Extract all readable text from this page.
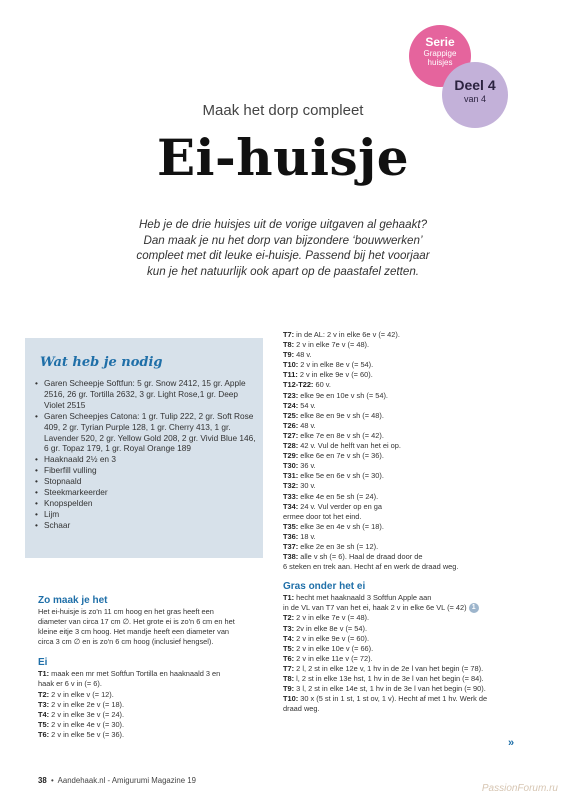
Serie
Grappige
huisjes
Deel 4
van 4
Maak het dorp compleet
Ei-huisje
Heb je de drie huisjes uit de vorige uitgaven al gehaakt?
Dan maak je nu het dorp van bijzondere ‘bouwwerken’
compleet met dit leuke ei-huisje. Passend bij het voorjaar
kun je het natuurlijk ook apart op de paastafel zetten.
Wat heb je nodig
• Garen Scheepje Softfun: 5 gr. Snow 2412, 15 gr. Apple 2516, 26 gr. Tortilla 2632, 3 gr. Light Rose,1 gr. Deep Violet 2515
• Garen Scheepjes Catona: 1 gr. Tulip 222, 2 gr. Soft Rose 409, 2 gr. Tyrian Purple 128, 1 gr. Cherry 413, 1 gr. Lavender 520, 2 gr. Yellow Gold 208, 2 gr. Vivid Blue 146, 6 gr. Topaz 179, 1 gr. Royal Orange 189
• Haaknaald 2½ en 3
• Fiberfill vulling
• Stopnaald
• Steekmarkeerder
• Knopspelden
• Lijm
• Schaar
Zo maak je het
Het ei-huisje is zo'n 11 cm hoog en het gras heeft een
diameter van circa 17 cm ∅. Het grote ei is zo'n 6 cm en het
kleine eitje 3 cm hoog. Het mandje heeft een diameter van
circa 3 cm ∅ en is zo'n 6 cm hoog (inclusief hengsel).
Ei
T1: maak een mr met Softfun Tortilla en haaknaald 3 en
haak er 6 v in (= 6).
T2: 2 v in elke v (= 12).
T3: 2 v in elke 2e v (= 18).
T4: 2 v in elke 3e v (= 24).
T5: 2 v in elke 4e v (= 30).
T6: 2 v in elke 5e v (= 36).
T7: in de AL: 2 v in elke 6e v (= 42).
T8: 2 v in elke 7e v (= 48).
T9: 48 v.
T10: 2 v in elke 8e v (= 54).
T11: 2 v in elke 9e v (= 60).
T12-T22: 60 v.
T23: elke 9e en 10e v sh (= 54).
T24: 54 v.
T25: elke 8e en 9e v sh (= 48).
T26: 48 v.
T27: elke 7e en 8e v sh (= 42).
T28: 42 v. Vul de helft van het ei op.
T29: elke 6e en 7e v sh (= 36).
T30: 36 v.
T31: elke 5e en 6e v sh (= 30).
T32: 30 v.
T33: elke 4e en 5e sh (= 24).
T34: 24 v. Vul verder op en ga
ermee door tot het eind.
T35: elke 3e en 4e v sh (= 18).
T36: 18 v.
T37: elke 2e en 3e sh (= 12).
T38: alle v sh (= 6). Haal de draad door de
6 steken en trek aan. Hecht af en werk de draad weg.
Gras onder het ei
T1: hecht met haaknaald 3 Softfun Apple aan
in de VL van T7 van het ei, haak 2 v in elke 6e VL (= 42) 1
T2: 2 v in elke 7e v (= 48).
T3: 2v in elke 8e v (= 54).
T4: 2 v in elke 9e v (= 60).
T5: 2 v in elke 10e v (= 66).
T6: 2 v in elke 11e v (= 72).
T7: 2 l, 2 st in elke 12e v, 1 hv in de 2e l van het begin (= 78).
T8: l, 2 st in elke 13e hst, 1 hv in de 3e l van het begin (= 84).
T9: 3 l, 2 st in elke 14e st, 1 hv in de 3e l van het begin (= 90).
T10: 30 x (5 st in 1 st, 1 st ov, 1 v). Hecht af met 1 hv. Werk de
draad weg.
»
38  •  Aandehaak.nl - Amigurumi Magazine 19
PassionForum.ru
